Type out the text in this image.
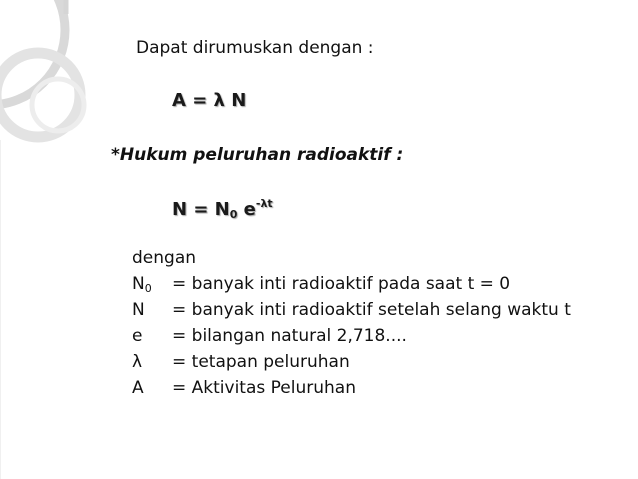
Dapat dirumuskan dengan :
A = λ N
*Hukum peluruhan radioaktif :
$N = N_0$ $e^{-\lambda t}$
dengan
$N_0$ = banyak inti radioaktif pada saat t = 0
N = banyak inti radioaktif setelah selang waktu t
e = bilangan natural 2,718....
λ = tetapan peluruhan
A = Aktivitas Peluruhan
